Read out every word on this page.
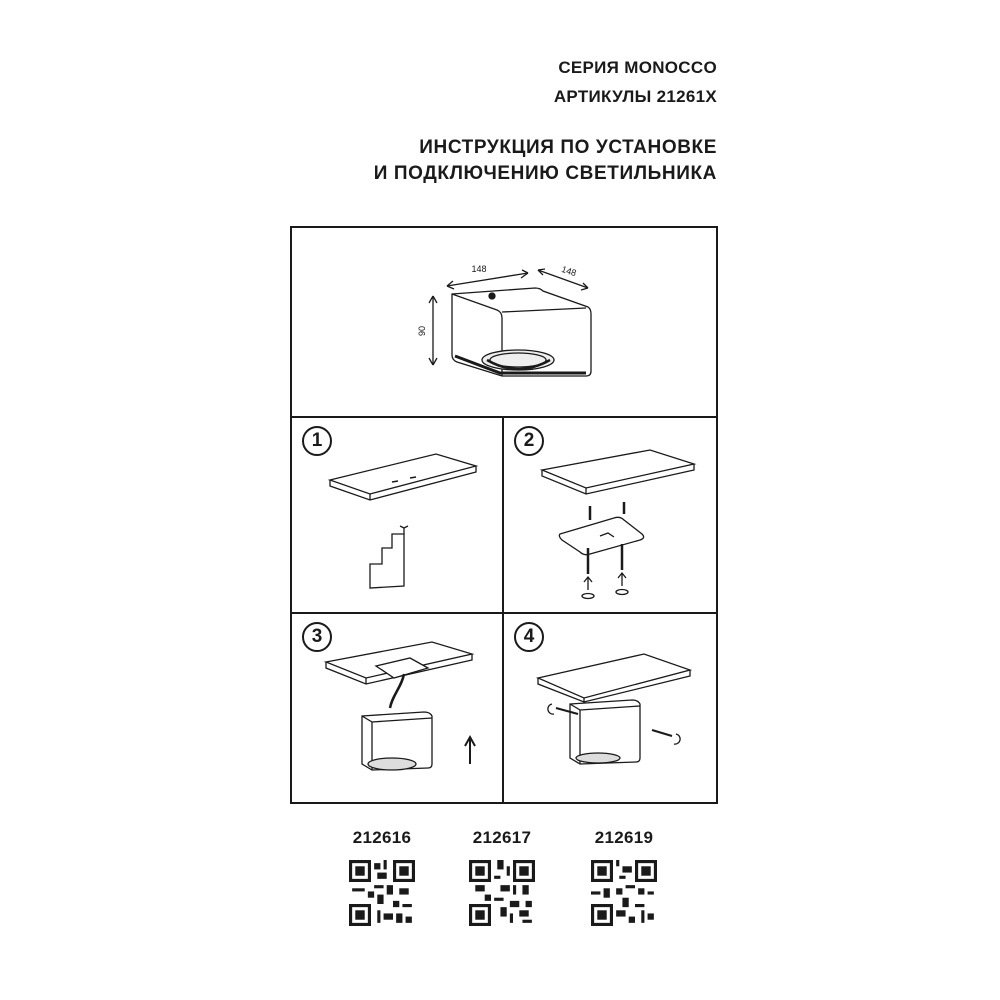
СЕРИЯ MONOCCO
АРТИКУЛЫ 21261X
ИНСТРУКЦИЯ ПО УСТАНОВКЕ
И ПОДКЛЮЧЕНИЮ СВЕТИЛЬНИКА
148	148
90
1	2
3	4
212616	212617	212619
